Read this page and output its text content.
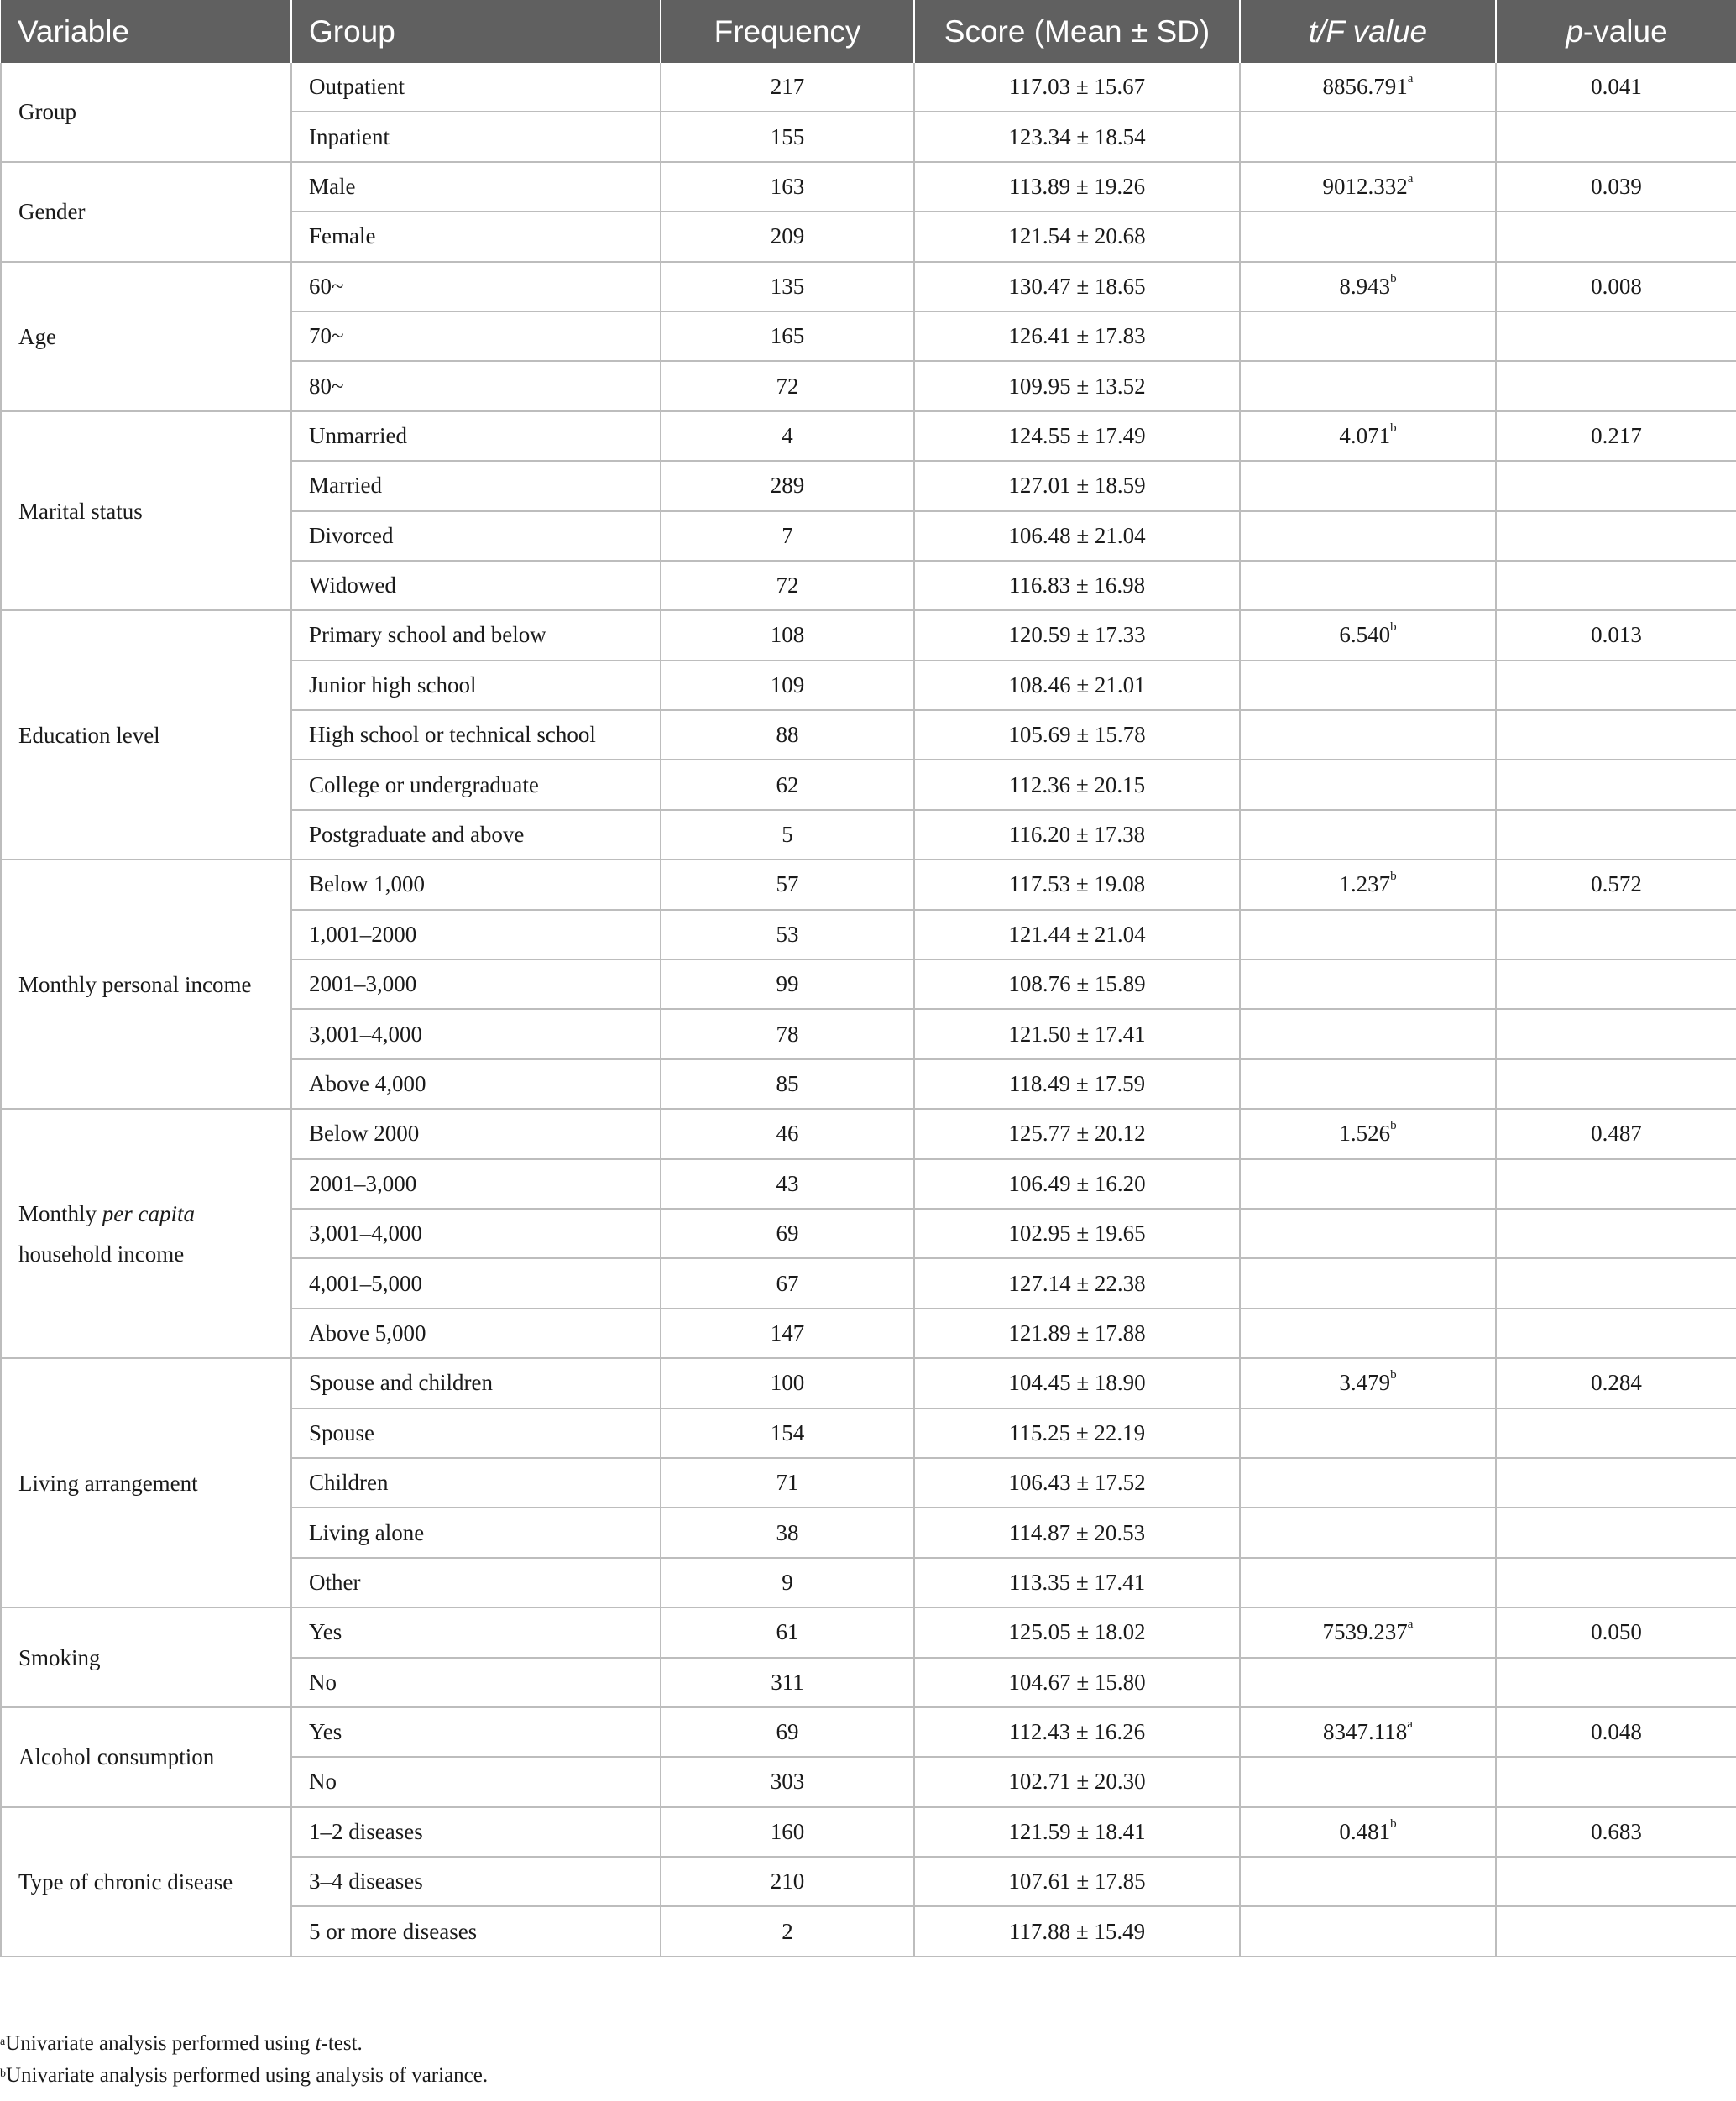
Variable	Group	Frequency	Score (Mean ± SD)	t/F value	p-value
Group	Outpatient	217	117.03 ± 15.67	8856.791$^a$	0.041
	Inpatient	155	123.34 ± 18.54		
Gender	Male	163	113.89 ± 19.26	9012.332$^a$	0.039
	Female	209	121.54 ± 20.68		
Age	60~	135	130.47 ± 18.65	8.943$^b$	0.008
	70~	165	126.41 ± 17.83		
	80~	72	109.95 ± 13.52		
Marital status	Unmarried	4	124.55 ± 17.49	4.071$^b$	0.217
	Married	289	127.01 ± 18.59		
	Divorced	7	106.48 ± 21.04		
	Widowed	72	116.83 ± 16.98		
Education level	Primary school and below	108	120.59 ± 17.33	6.540$^b$	0.013
	Junior high school	109	108.46 ± 21.01		
	High school or technical school	88	105.69 ± 15.78		
	College or undergraduate	62	112.36 ± 20.15		
	Postgraduate and above	5	116.20 ± 17.38		
Monthly personal income	Below 1,000	57	117.53 ± 19.08	1.237$^b$	0.572
	1,001–2000	53	121.44 ± 21.04		
	2001–3,000	99	108.76 ± 15.89		
	3,001–4,000	78	121.50 ± 17.41		
	Above 4,000	85	118.49 ± 17.59		
Monthly per capita household income	Below 2000	46	125.77 ± 20.12	1.526$^b$	0.487
	2001–3,000	43	106.49 ± 16.20		
	3,001–4,000	69	102.95 ± 19.65		
	4,001–5,000	67	127.14 ± 22.38		
	Above 5,000	147	121.89 ± 17.88		
Living arrangement	Spouse and children	100	104.45 ± 18.90	3.479$^b$	0.284
	Spouse	154	115.25 ± 22.19		
	Children	71	106.43 ± 17.52		
	Living alone	38	114.87 ± 20.53		
	Other	9	113.35 ± 17.41		
Smoking	Yes	61	125.05 ± 18.02	7539.237$^a$	0.050
	No	311	104.67 ± 15.80		
Alcohol consumption	Yes	69	112.43 ± 16.26	8347.118$^a$	0.048
	No	303	102.71 ± 20.30		
Type of chronic disease	1–2 diseases	160	121.59 ± 18.41	0.481$^b$	0.683
	3–4 diseases	210	107.61 ± 17.85		
	5 or more diseases	2	117.88 ± 15.49		
$^a$Univariate analysis performed using t-test.
$^b$Univariate analysis performed using analysis of variance.
